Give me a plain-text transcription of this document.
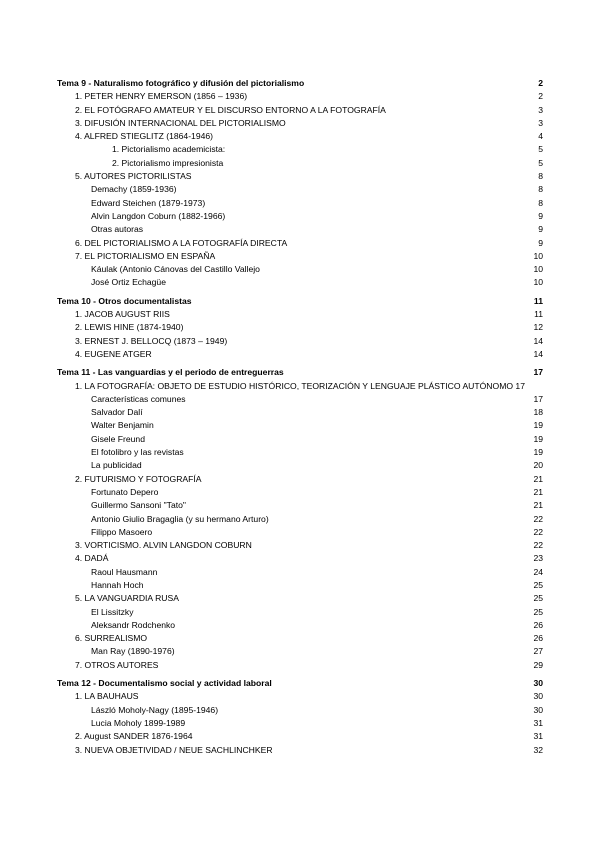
Tema 9 - Naturalismo fotográfico y difusión del pictorialismo	2
1. PETER HENRY EMERSON (1856 – 1936)	2
2. EL FOTÓGRAFO AMATEUR Y EL DISCURSO ENTORNO A LA FOTOGRAFÍA	3
3. DIFUSIÓN INTERNACIONAL DEL PICTORIALISMO	3
4. ALFRED STIEGLITZ (1864-1946)	4
1. Pictorialismo academicista:	5
2. Pictorialismo impresionista	5
5. AUTORES PICTORILISTAS	8
Demachy (1859-1936)	8
Edward Steichen (1879-1973)	8
Alvin Langdon Coburn (1882-1966)	9
Otras autoras	9
6. DEL PICTORIALISMO A LA FOTOGRAFÍA DIRECTA	9
7. EL PICTORIALISMO EN ESPAÑA	10
Káulak (Antonio Cánovas del Castillo Vallejo	10
José Ortiz Echagüe	10
Tema 10 - Otros documentalistas	11
1. JACOB AUGUST RIIS	11
2. LEWIS HINE (1874-1940)	12
3. ERNEST J. BELLOCQ (1873 – 1949)	14
4. EUGENE ATGER	14
Tema 11 - Las vanguardias y el periodo de entreguerras	17
1. LA FOTOGRAFÍA: OBJETO DE ESTUDIO HISTÓRICO, TEORIZACIÓN Y LENGUAJE PLÁSTICO AUTÓNOMO 17
Características comunes	17
Salvador Dalí	18
Walter Benjamin	19
Gisele Freund	19
El fotolibro y las revistas	19
La publicidad	20
2. FUTURISMO Y FOTOGRAFÍA	21
Fortunato Depero	21
Guillermo Sansoni "Tato"	21
Antonio Giulio Bragaglia (y su hermano Arturo)	22
Filippo Masoero	22
3. VORTICISMO. ALVIN LANGDON COBURN	22
4. DADÁ	23
Raoul Hausmann	24
Hannah Hoch	25
5. LA VANGUARDIA RUSA	25
El Lissitzky	25
Aleksandr Rodchenko	26
6. SURREALISMO	26
Man Ray (1890-1976)	27
7. OTROS AUTORES	29
Tema 12 - Documentalismo social y actividad laboral	30
1. LA BAUHAUS	30
László Moholy-Nagy (1895-1946)	30
Lucia Moholy 1899-1989	31
2. August SANDER 1876-1964	31
3. NUEVA OBJETIVIDAD / NEUE SACHLINCHKER	32
